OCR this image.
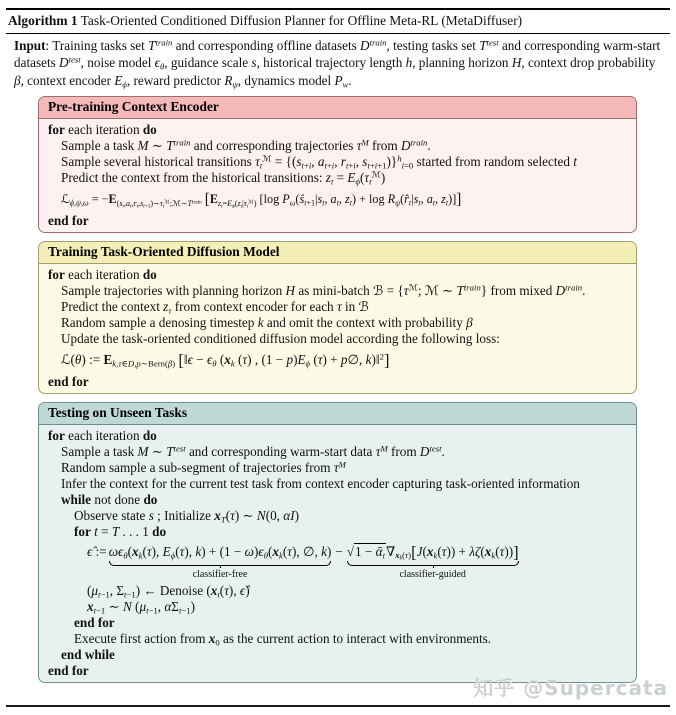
Algorithm 1 Task-Oriented Conditioned Diffusion Planner for Offline Meta-RL (MetaDiffuser)
Input: Training tasks set $T^{train}$ and corresponding offline datasets $D^{train}$, testing tasks set $T^{test}$ and corresponding warm-start datasets $D^{test}$, noise model $\epsilon_\theta$, guidance scale s, historical trajectory length h, planning horizon H, context drop probability β, context encoder $E_\phi$, reward predictor $R_\psi$, dynamics model $P_w$.
Pre-training Context Encoder
for each iteration do
Sample a task M ∼ $T^{train}$ and corresponding trajectories $\tau^M$ from $D^{train}$.
Sample several historical transitions $\tau_t^ℳ = \{(s_{t+i}$, $a_{t+i}$, $r_{t+i}$, $s_{t+i+1})\}^h_{i=0}$ started from random selected t
Predict the context from the historical transitions: $z_t = E_\phi(\tau_t^ℳ)$
ℒ$_{\phi,\psi,\omega}$ = $-E_{(s_t,a_t,r_t,s_{t+1})\sim\tau_t^ℳ;ℳ\sim T^{train}}$ [$E_{z_t=E_\phi(z_t|\tau_t^ℳ)}$ [log $P_\omega(ŝ_{t+1}|s_t$, $a_t$, $z_t) + \log$ $R_\psi(r̂_t|s_t$, $a_t$, $z_t$)]]
end for
Training Task-Oriented Diffusion Model
for each iteration do
Sample trajectories with planning horizon H as mini-batch ℬ = {$\tau^ℳ$; ℳ ∼ $T^{train}$} from mixed $D^{train}$.
Predict the context $z_\tau$ from context encoder for each τ in ℬ
Random sample a denosing timestep k and omit the context with probability β
Update the task-oriented conditioned diffusion model according the following loss:
ℒ(θ) := $E_{k,\tau\in D,p\sim Bern(\beta)}$ [‖ϵ − $\epsilon_\theta$ ($x_k$ (τ) , $(1 - p)E_\phi$ (τ) + p∅, k)‖$^2$]
end for
Testing on Unseen Tasks
for each iteration do
Sample a task M ∼ $T^{test}$ and corresponding warm-start data $\tau^M$ from $D^{test}$.
Random sample a sub-segment of trajectories from $\tau^M$
Infer the context for the current test task from context encoder capturing task-oriented information
while not done do
Observe state s ; Initialize $x_T(\tau)$ ∼ N(0, αI)
for t = T . . . 1 do
ϵ̂ := $\omega\epsilon_\theta(x_k(\tau)$, $E_\phi(\tau)$, $k) + (1 - \omega)\epsilon_\theta(x_k(\tau)$, ∅, k)
classifier-free
− $√1 - ᾱ_t\nabla_{x_k(\tau)}[J(x_k(\tau)) + \lambda\zeta(x_k(\tau))]$
classifier-guided
($\mu_{t-1}$, $\Sigma_{t-1}$) ← Denoise ($x_t(\tau)$, ϵ̂)
$x_{t-1}$ ∼ N ($\mu_{t-1}$, $\alpha\Sigma_{t-1}$)
end for
Execute first action from $x_0$ as the current action to interact with environments.
end while
end for
知乎 @Supercata
